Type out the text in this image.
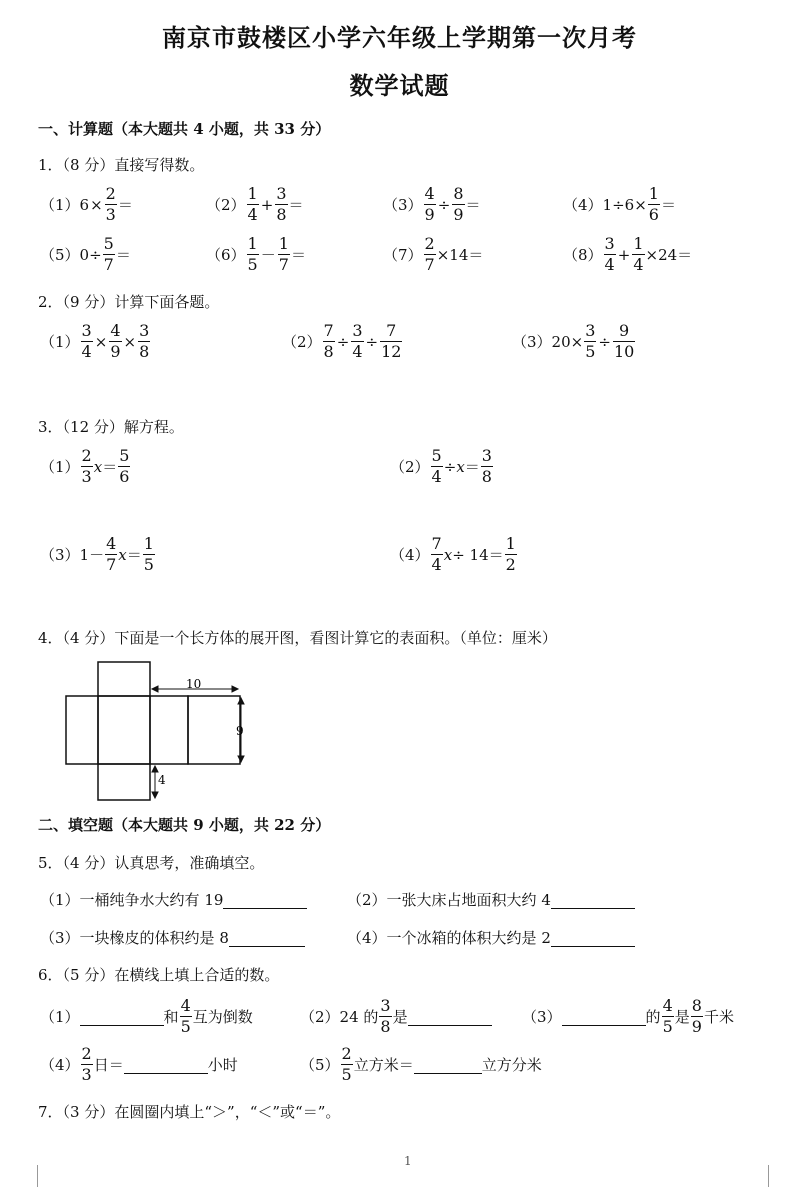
南京市鼓楼区小学六年级上学期第一次月考
数学试题
一、计算题（本大题共 4 小题，共 33 分）
1．（8 分）直接写得数。
（1） $6 \times \frac{2}{3}$ ＝	$(2) \frac{1}{4} + \frac{3}{8}$ ＝	$(3) \frac{4}{9} \div \frac{8}{9}$ ＝	（4） $1\div 6\times \frac{1}{6}$ ＝
（5） $0\div \frac{5}{7}$ ＝	$(6) \frac{1}{5} - \frac{1}{7}$ ＝	$(7) \frac{2}{7} \times 14=$	$(8) \frac{3}{4} + \frac{1}{4} \times 24=$
2．（9 分）计算下面各题。
$(1) \frac{3}{4} \times \frac{4}{9} \times \frac{3}{8}$	$(2) \frac{7}{8} \div \frac{3}{4} \div \frac{7}{12}$	（3） $20\times \frac{3}{5} \div \frac{9}{10}$
3．（12 分）解方程。
$(1) \frac{2}{3}$ $x = \frac{5}{6}$	$(2) \frac{5}{4} \div x = \frac{3}{8}$
（3） $1- \frac{4}{7}$ $x = \frac{1}{5}$	$(4) \frac{7}{4}$ $x \div 14= \frac{1}{2}$
4．（4 分）下面是一个长方体的展开图，看图计算它的表面积。（单位：厘米）
10
9
4
二、填空题（本大题共 9 小题，共 22 分）
5．（4 分）认真思考，准确填空。
（1） 一桶纯争水大约有 19	（2） 一张大床占地面积大约 4
（3） 一块橡皮的体积约是 8	（4） 一个冰箱的体积大约是 2
6．（5 分）在横线上填上合适的数。
（1）	和 $\frac{4}{5}$ 互为倒数	（2） 24 的 $\frac{3}{8}$ 是	（3）	的 $\frac{4}{5}$ 是 $\frac{8}{9}$ 千米
$(4) \frac{2}{3}$ 日＝	小时	$(5) \frac{2}{5}$ 立方米＝	立方分米
7．（3 分）在圆圈内填上“＞”，“＜”或“＝”。
1
